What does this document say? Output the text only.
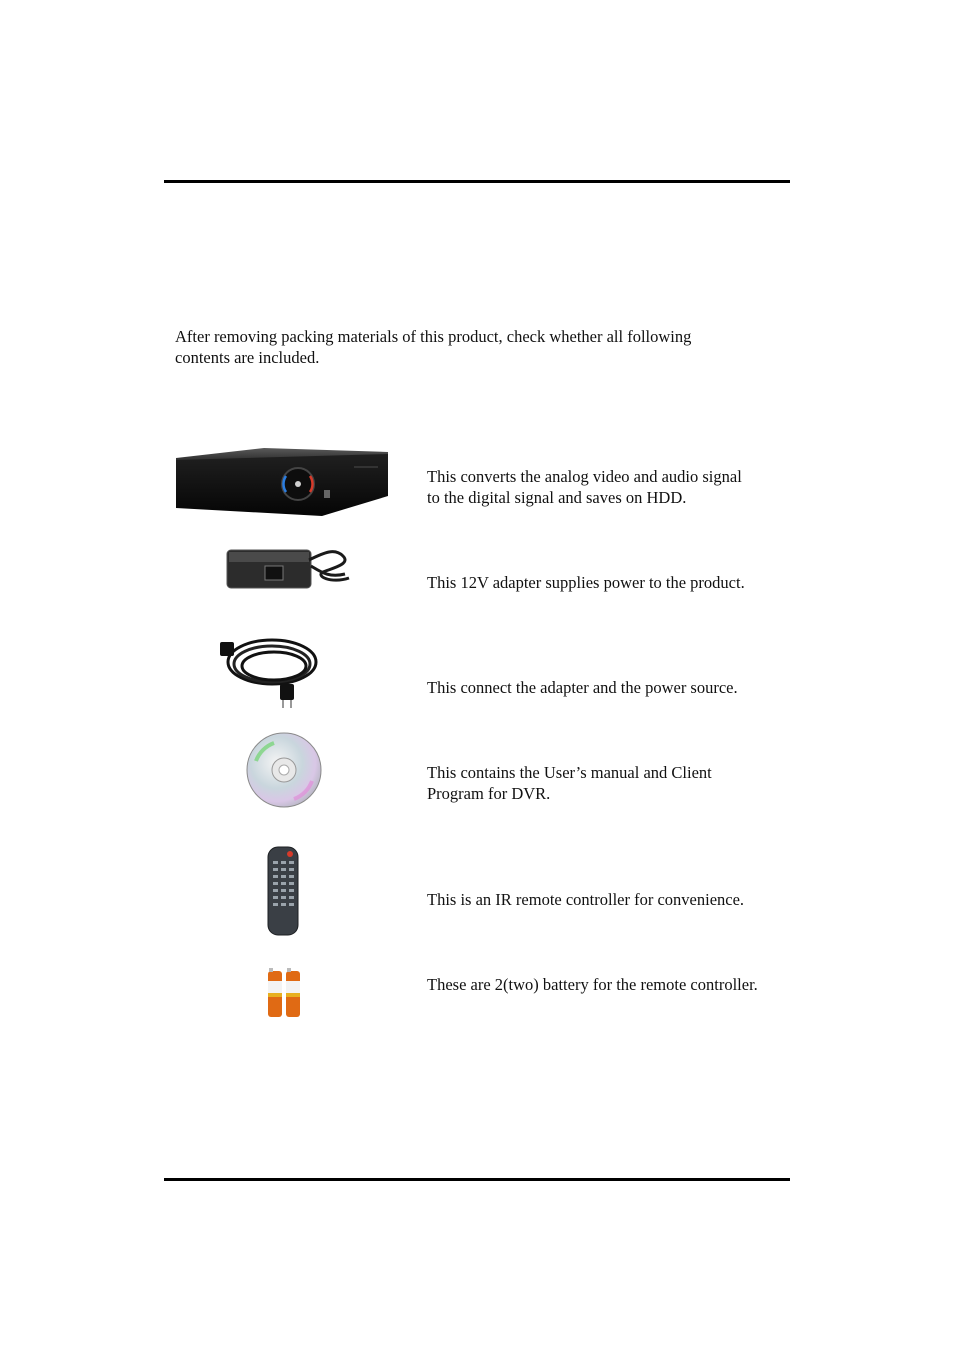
After removing packing materials of this product, check whether all following
contents are included.
This converts the analog video and audio signal
to the digital signal and saves on HDD.
This 12V adapter supplies power to the product.
This connect the adapter and the power source.
This contains the User’s manual and Client
Program for DVR.
This is an IR remote controller for convenience.
These are 2(two) battery for the remote controller.
